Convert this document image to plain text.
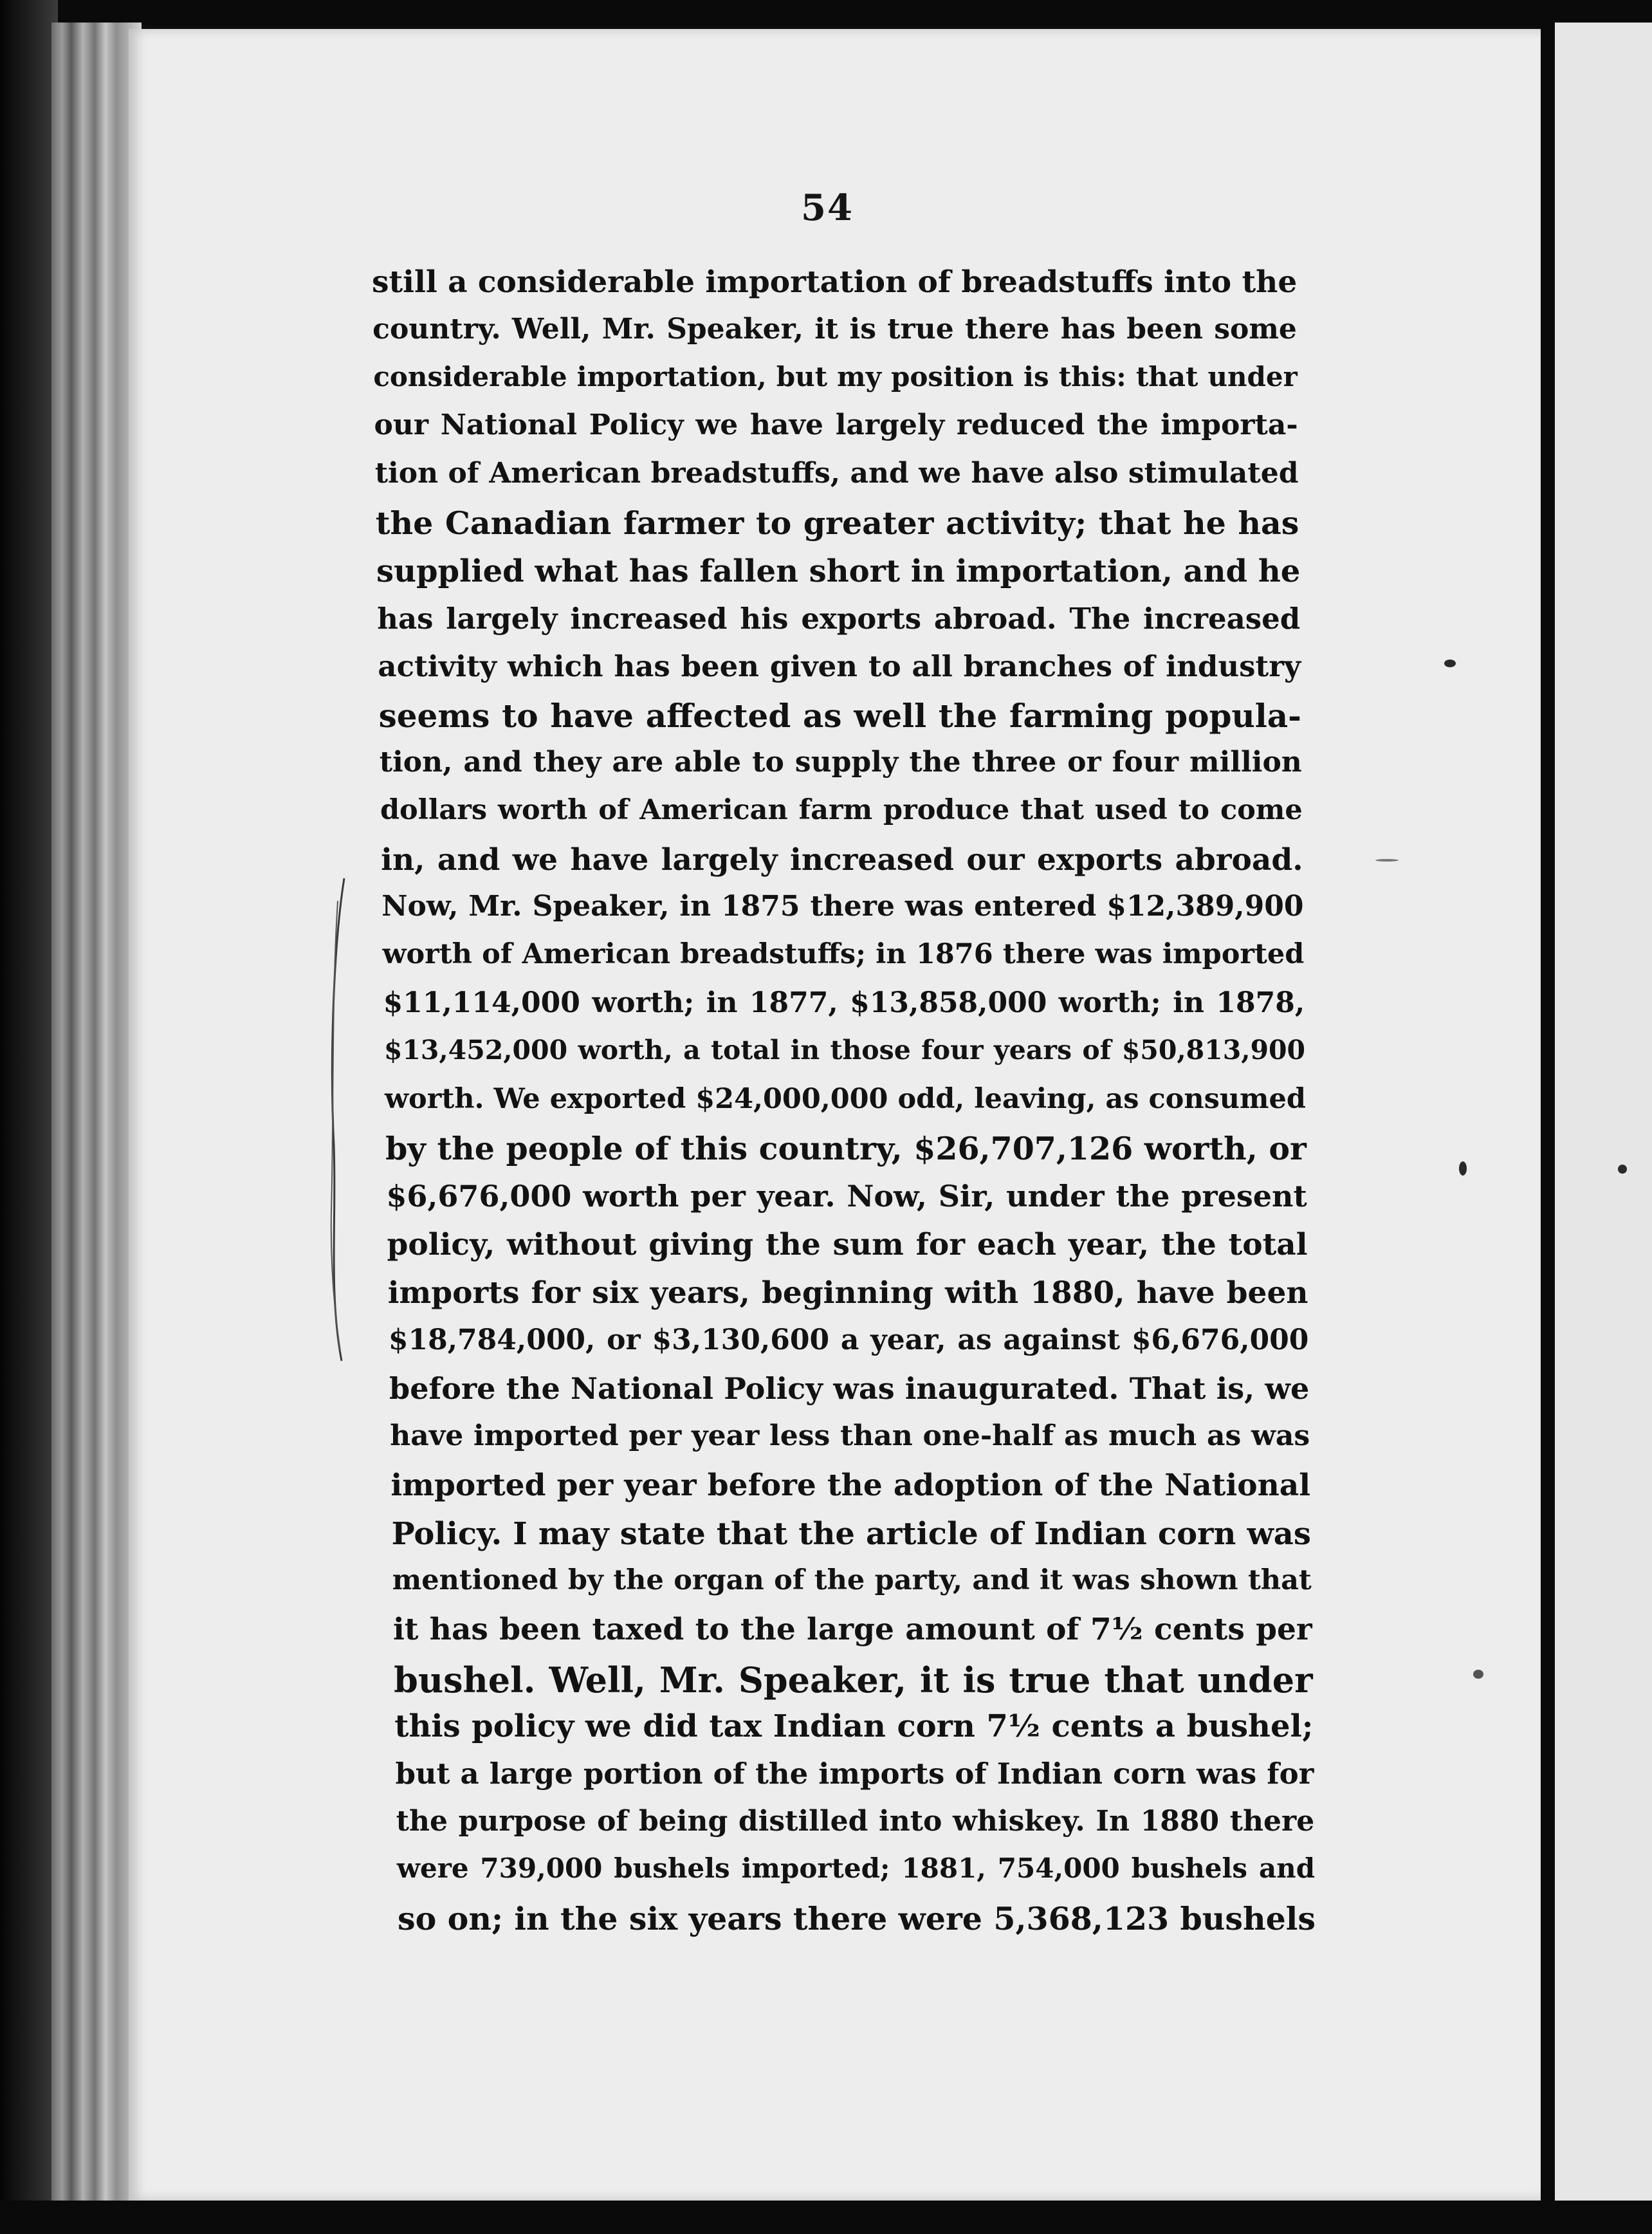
54
still a considerable importation of breadstuffs into the
country. Well, Mr. Speaker, it is true there has been some
considerable importation, but my position is this: that under
our National Policy we have largely reduced the importa-
tion of American breadstuffs, and we have also stimulated
the Canadian farmer to greater activity; that he has
supplied what has fallen short in importation, and he
has largely increased his exports abroad. The increased
activity which has been given to all branches of industry
seems to have affected as well the farming popula-
tion, and they are able to supply the three or four million
dollars worth of American farm produce that used to come
in, and we have largely increased our exports abroad.
Now, Mr. Speaker, in 1875 there was entered $12,389,900
worth of American breadstuffs; in 1876 there was imported
$11,114,000 worth; in 1877, $13,858,000 worth; in 1878,
$13,452,000 worth, a total in those four years of $50,813,900
worth. We exported $24,000,000 odd, leaving, as consumed
by the people of this country, $26,707,126 worth, or
$6,676,000 worth per year. Now, Sir, under the present
policy, without giving the sum for each year, the total
imports for six years, beginning with 1880, have been
$18,784,000, or $3,130,600 a year, as against $6,676,000
before the National Policy was inaugurated. That is, we
have imported per year less than one-half as much as was
imported per year before the adoption of the National
Policy. I may state that the article of Indian corn was
mentioned by the organ of the party, and it was shown that
it has been taxed to the large amount of 7½ cents per
bushel. Well, Mr. Speaker, it is true that under
this policy we did tax Indian corn 7½ cents a bushel;
but a large portion of the imports of Indian corn was for
the purpose of being distilled into whiskey. In 1880 there
were 739,000 bushels imported; 1881, 754,000 bushels and
so on; in the six years there were 5,368,123 bushels
